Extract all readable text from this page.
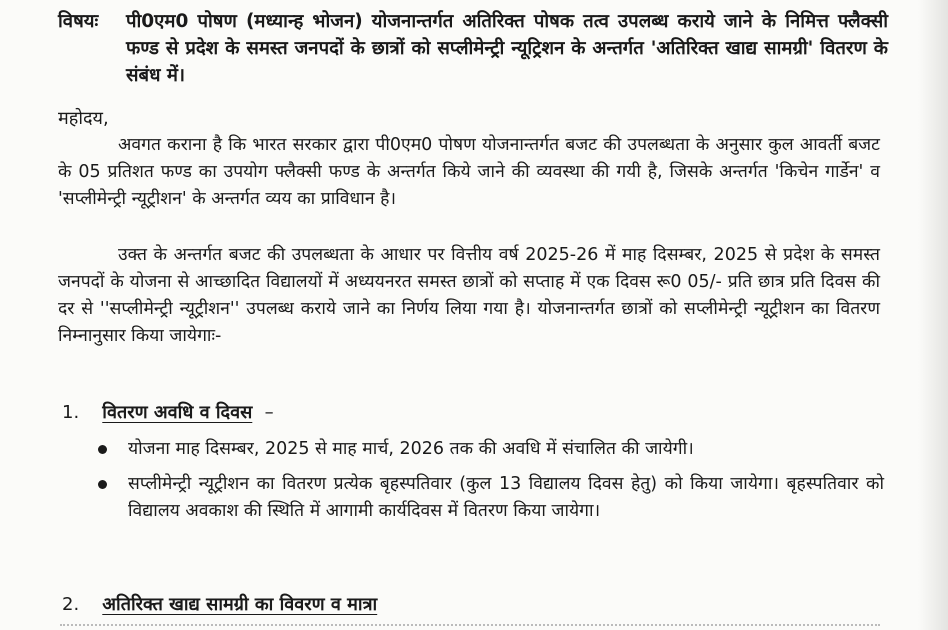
विषयः	पी0एम0 पोषण (मध्यान्ह भोजन) योजनान्तर्गत अतिरिक्त पोषक तत्व उपलब्ध कराये जाने के निमित्त फ्लैक्सी फण्ड से प्रदेश के समस्त जनपदों के छात्रों को सप्लीमेन्ट्री न्यूट्रिशन के अन्तर्गत 'अतिरिक्त खाद्य सामग्री' वितरण के संबंध में।
महोदय,
अवगत कराना है कि भारत सरकार द्वारा पी0एम0 पोषण योजनान्तर्गत बजट की उपलब्धता के अनुसार कुल आवर्ती बजट के 05 प्रतिशत फण्ड का उपयोग फ्लैक्सी फण्ड के अन्तर्गत किये जाने की व्यवस्था की गयी है, जिसके अन्तर्गत 'किचेन गार्डेन' व 'सप्लीमेन्ट्री न्यूट्रीशन' के अन्तर्गत व्यय का प्राविधान है।
उक्त के अन्तर्गत बजट की उपलब्धता के आधार पर वित्तीय वर्ष 2025-26 में माह दिसम्बर, 2025 से प्रदेश के समस्त जनपदों के योजना से आच्छादित विद्यालयों में अध्ययनरत समस्त छात्रों को सप्ताह में एक दिवस रू0 05/- प्रति छात्र प्रति दिवस की दर से ''सप्लीमेन्ट्री न्यूट्रीशन'' उपलब्ध कराये जाने का निर्णय लिया गया है। योजनान्तर्गत छात्रों को सप्लीमेन्ट्री न्यूट्रीशन का वितरण निम्नानुसार किया जायेगाः-
1. वितरण अवधि व दिवस –
योजना माह दिसम्बर, 2025 से माह मार्च, 2026 तक की अवधि में संचालित की जायेगी।
सप्लीमेन्ट्री न्यूट्रीशन का वितरण प्रत्येक बृहस्पतिवार (कुल 13 विद्यालय दिवस हेतु) को किया जायेगा। बृहस्पतिवार को विद्यालय अवकाश की स्थिति में आगामी कार्यदिवस में वितरण किया जायेगा।
2. अतिरिक्त खाद्य सामग्री का विवरण व मात्रा
